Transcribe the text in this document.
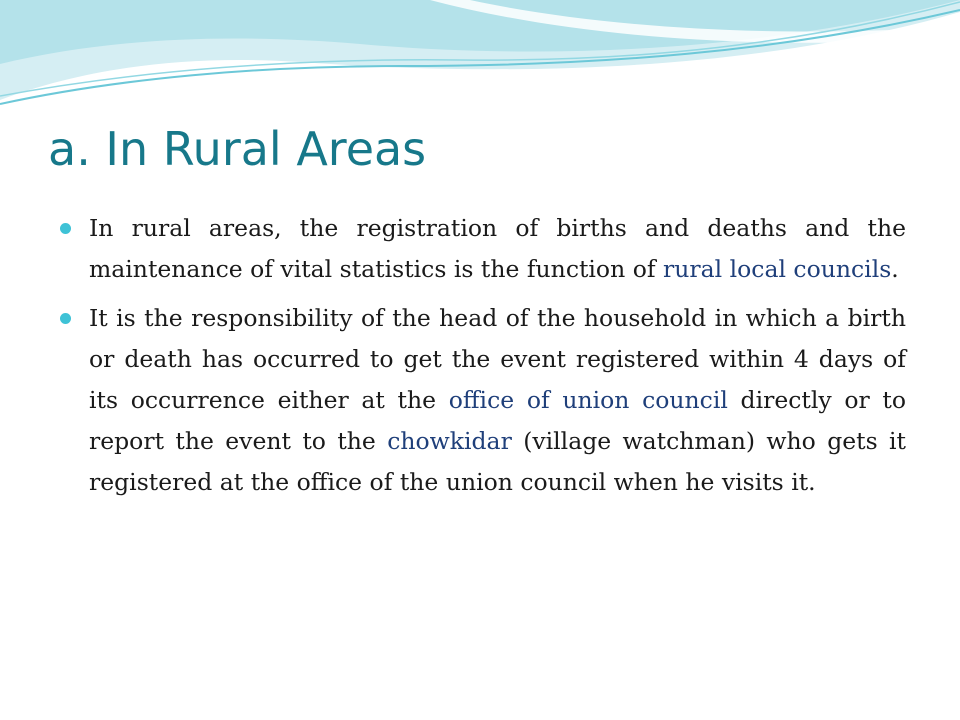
a. In Rural Areas

In rural areas, the registration of births and deaths and the maintenance of vital statistics is the function of rural local councils.

It is the responsibility of the head of the household in which a birth or death has occurred to get the event registered within 4 days of its occurrence either at the office of union council directly or to report the event to the chowkidar (village watchman) who gets it registered at the office of the union council when he visits it.
